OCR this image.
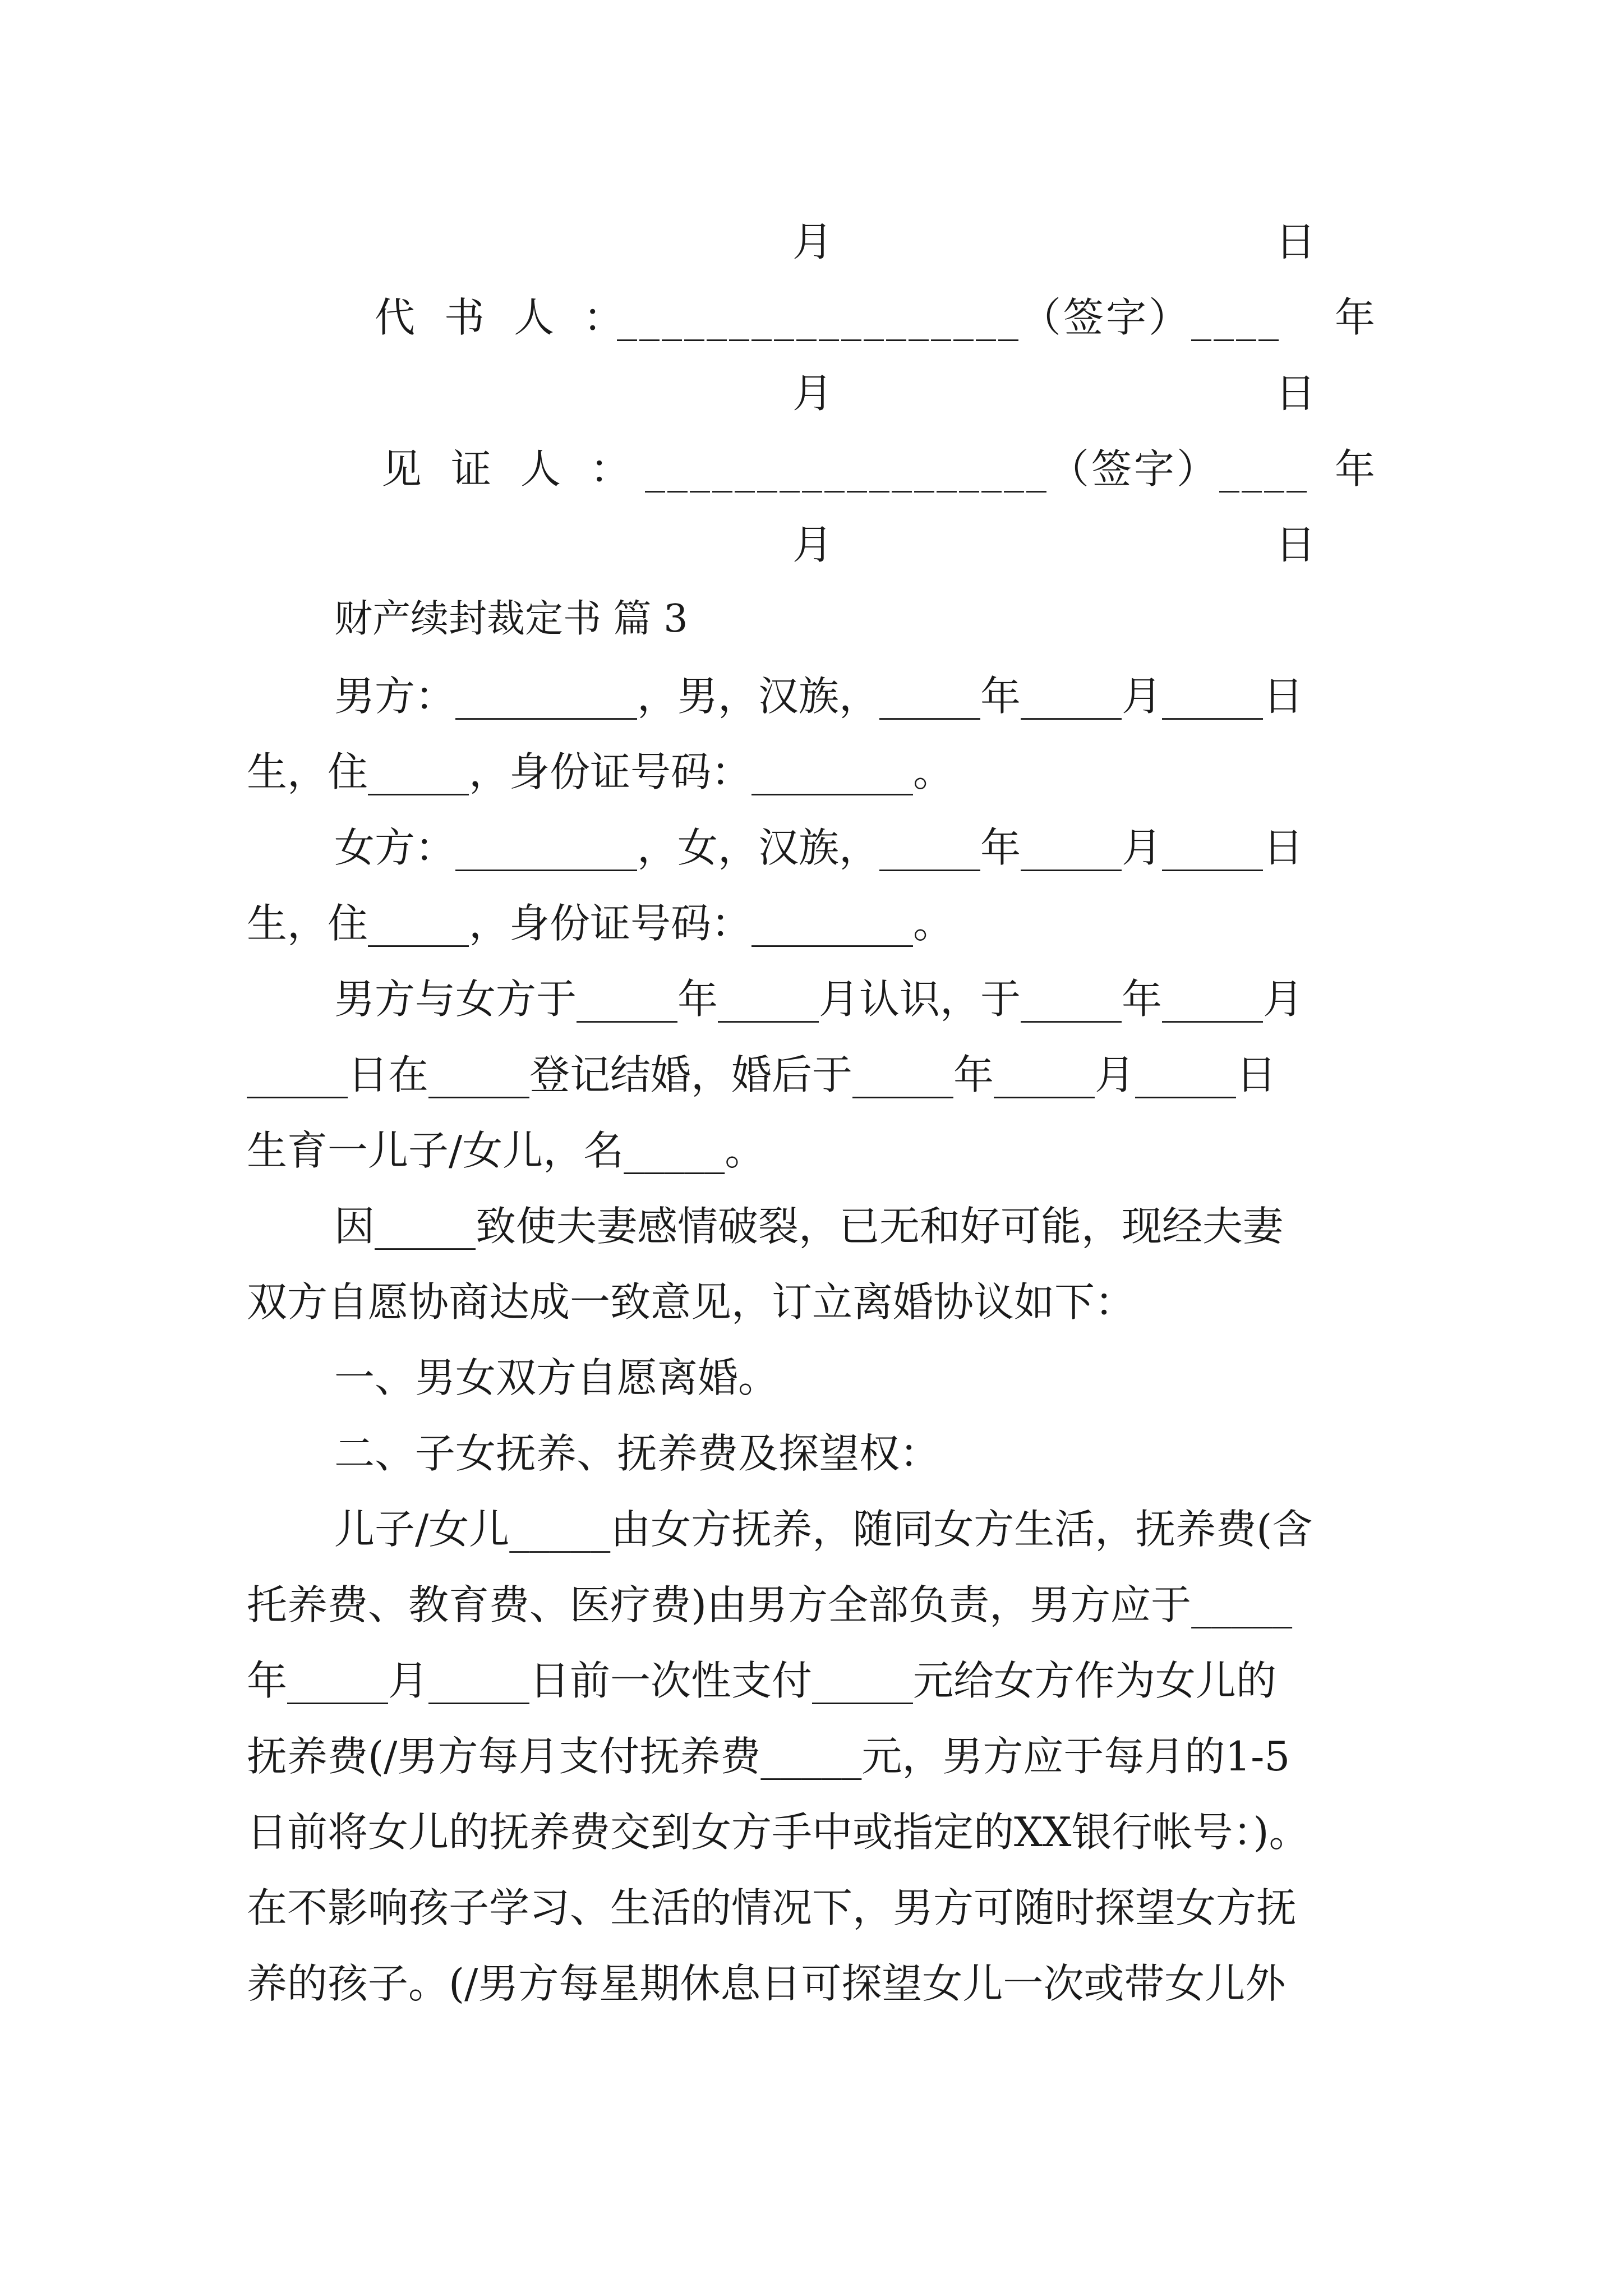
月	日
代书人：
__________________（签字）____ 年
月	日
见证人：
__________________（签字）____ 年
月	日
财产续封裁定书 篇 3
男方：_________，男，汉族，_____年_____月_____日
生，住_____，身份证号码：________。
女方：_________，女，汉族，_____年_____月_____日
生，住_____，身份证号码：________。
男方与女方于_____年_____月认识，于_____年_____月
_____日在_____登记结婚，婚后于_____年_____月_____日
生育一儿子/女儿，名_____。
因_____致使夫妻感情破裂，已无和好可能，现经夫妻
双方自愿协商达成一致意见，订立离婚协议如下：
一、男女双方自愿离婚。
二、子女抚养、抚养费及探望权：
儿子/女儿_____由女方抚养，随同女方生活，抚养费(含
托养费、教育费、医疗费)由男方全部负责，男方应于_____
年_____月_____日前一次性支付_____元给女方作为女儿的
抚养费(/男方每月支付抚养费_____元，男方应于每月的1-5
日前将女儿的抚养费交到女方手中或指定的XX银行帐号：)。
在不影响孩子学习、生活的情况下，男方可随时探望女方抚
养的孩子。(/男方每星期休息日可探望女儿一次或带女儿外
